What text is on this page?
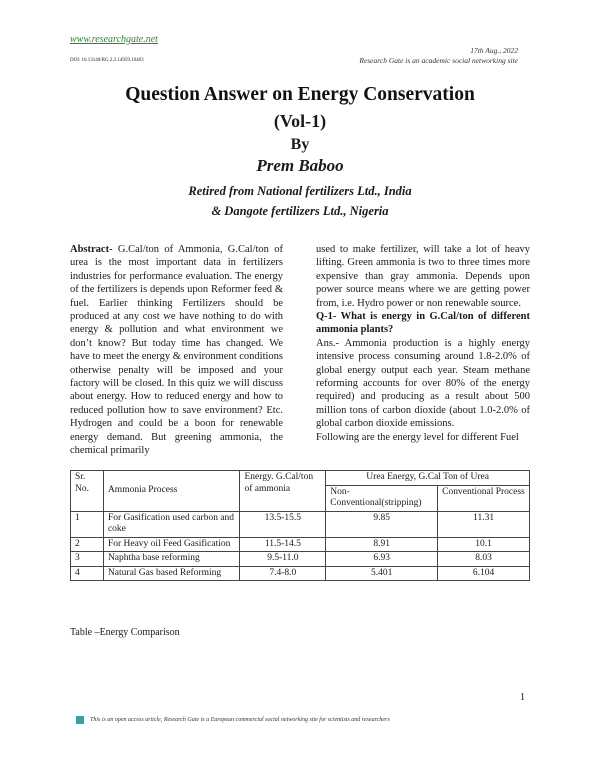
www.researchgate.net
DOI: 10.13140/RG.2.2.14959.10403
17th Aug., 2022
Research Gate is an academic social networking site
Question Answer on Energy Conservation
(Vol-1)
By
Prem Baboo
Retired from National fertilizers Ltd., India
& Dangote fertilizers Ltd., Nigeria

Abstract- G.Cal/ton of Ammonia, G.Cal/ton of urea is the most important data in fertilizers industries for performance evaluation. The energy of the fertilizers is depends upon Reformer feed & fuel. Earlier thinking Fertilizers should be produced at any cost we have nothing to do with energy & pollution and what environment we don’t know? But today time has changed. We have to meet the energy & environment conditions otherwise penalty will be imposed and your factory will be closed. In this quiz we will discuss about energy. How to reduced energy and how to reduced pollution how to save environment? Etc. Hydrogen and could be a boon for renewable energy demand. But greening ammonia, the chemical primarily

used to make fertilizer, will take a lot of heavy lifting. Green ammonia is two to three times more expensive than gray ammonia. Depends upon power source means where we are getting power from, i.e. Hydro power or non renewable source.

Q-1- What is energy in G.Cal/ton of different ammonia plants?

Ans.- Ammonia production is a highly energy intensive process consuming around 1.8-2.0% of global energy output each year. Steam methane reforming accounts for over 80% of the energy required) and producing as a result about 500 million tons of carbon dioxide (about 1.0-2.0% of global carbon dioxide emissions.

Following are the energy level for different Fuel

Sr. No.	Ammonia Process	Energy. G.Cal/ton of ammonia	Urea Energy, G.Cal Ton of Urea	
			Non-Conventional(stripping)	Conventional Process
1	For Gasification used carbon and coke	13.5-15.5	9.85	11.31
2	For Heavy oil Feed Gasification	11.5-14.5	8.91	10.1
3	Naphtha base reforming	9.5-11.0	6.93	8.03
4	Natural Gas based Reforming	7.4-8.0	5.401	6.104
Table –Energy Comparison
1
This is an open access article, Research Gate is a European commercial social networking site for scientists and researchers
